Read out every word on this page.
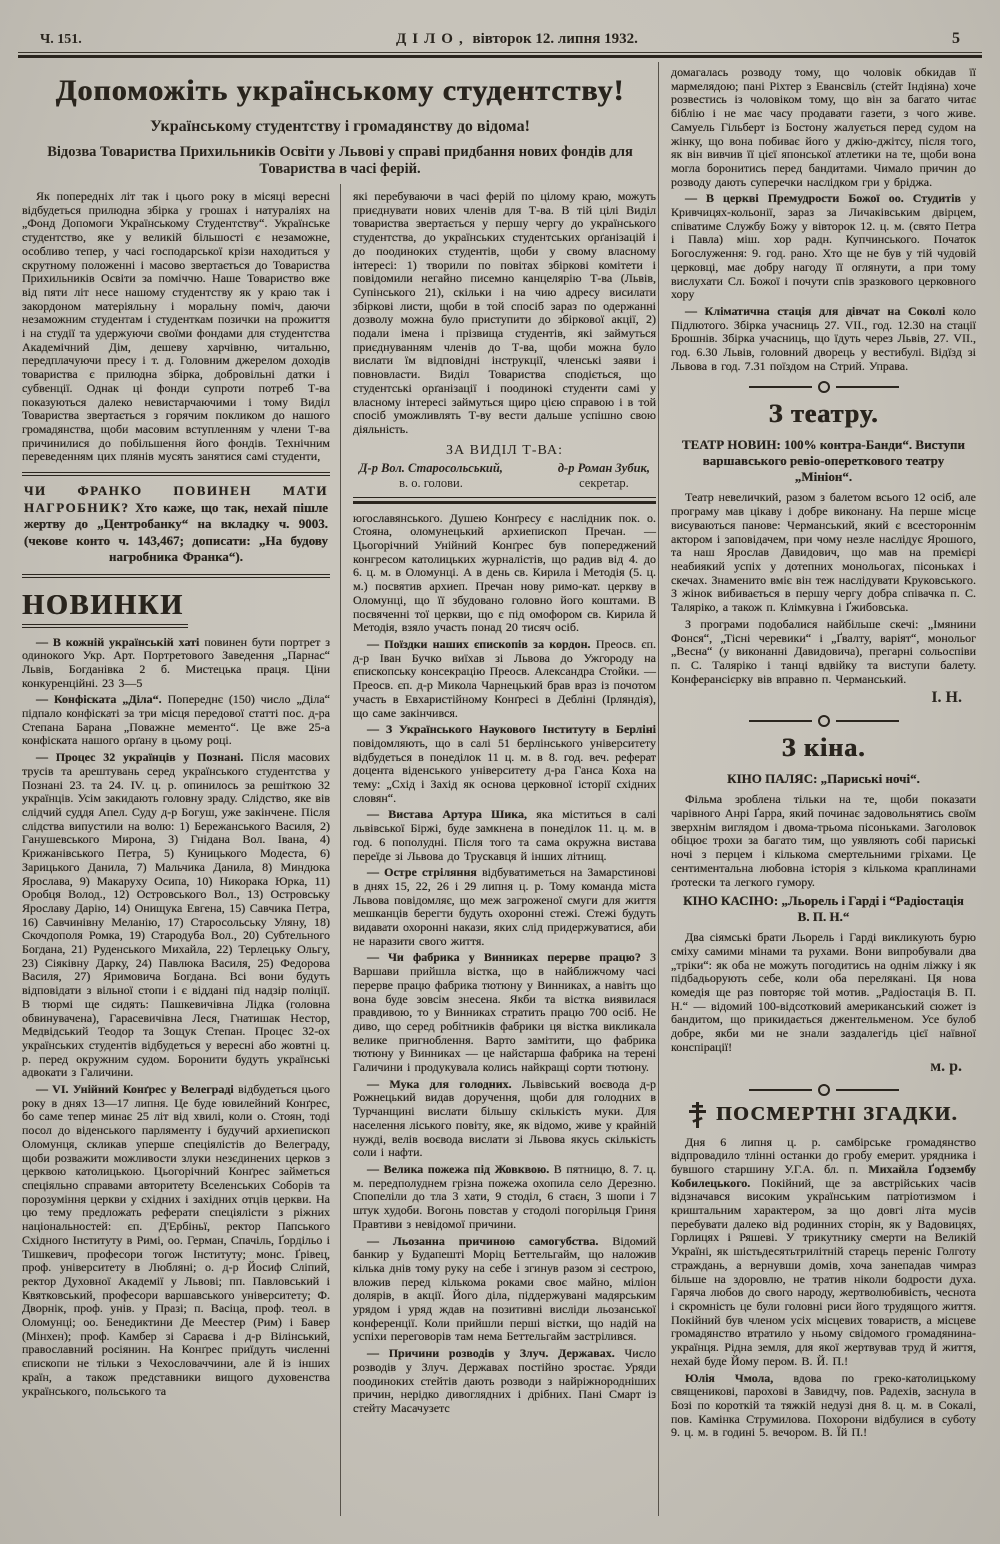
Ч. 151.	ДІЛО, вівторок 12. липня 1932.	5
Допоможіть українському студентству!
Українському студентству і громадянству до відома!
Відозва Товариства Прихильників Освіти у Львові у справі придбання нових фондів для Товариства в часі ферій.

Як попередніх літ так і цього року в місяці вересні відбудеться прилюдна збірка у грошах і натураліях на „Фонд Допомоги Українському Студентству“. Українське студентство, яке у великій більшості є незаможне, особливо тепер, у часі господарської крізи находиться у скрутному положенні і масово звертається до Товариства Прихильників Освіти за поміччю. Наше Товариство вже від пяти літ несе нашому студентству як у краю так і закордоном матеріяльну і моральну поміч, даючи незаможним студентам і студенткам позички на прожиття і на студії та удержуючи своїми фондами для студентства Академічний Дім, дешеву харчівню, читальню, передплачуючи пресу і т. д. Головним джерелом доходів товариства є прилюдна збірка, добровільні датки і субвенції. Однак ці фонди супроти потреб Т-ва показуються далеко невистарчаючими і тому Виділ Товариства звертається з горячим покликом до нашого громадянства, щоби масовим вступленням у члени Т-ва причинилися до побільшення його фондів. Технічним переведенням цих плянів мусять занятися самі студенти,

ЧИ ФРАНКО ПОВИНЕН МАТИ НАГРОБНИК? Хто каже, що так, нехай пішле жертву до „Центробанку“ на вкладку ч. 9003. (чекове конто ч. 143,467; дописати: „На будову нагробника Франка“).

НОВИНКИ

— В кожній українській хаті повинен бути портрет з одинокого Укр. Арт. Портретового Заведення „Парнас“ Львів, Богданівка 2 б. Мистецька праця. Ціни конкуренційні. 23 3—5

— Конфіската „Діла“. Попереднє (150) число „Діла“ підпало конфіскаті за три місця передової статті пос. д-ра Степана Барана „Поважне мементо“. Це вже 25-а конфіската нашого орґану в цьому році.

— Процес 32 українців у Познані. Після масових трусів та арештувань серед українського студентства у Познані 23. та 24. IV. ц. р. опинилось за решіткою 32 українців. Усім закидають головну зраду. Слідство, яке вів слідчий суддя Апел. Суду д-р Богуш, уже закінчене. Після слідства випустили на волю: 1) Бережанського Василя, 2) Ганушевського Мирона, 3) Гнідана Вол. Івана, 4) Крижанівського Петра, 5) Куницького Модеста, 6) Зарицького Данила, 7) Мальчика Данила, 8) Миндюка Ярослава, 9) Макаруху Осипа, 10) Никорака Юрка, 11) Оробця Волод., 12) Островського Вол., 13) Островську Ярославу Дарію, 14) Онищука Евгена, 15) Савчика Петра, 16) Савчинівну Меланію, 17) Старосольську Уляну, 18) Скочдополя Ромка, 19) Стародуба Вол., 20) Субтельного Богдана, 21) Руденського Михайла, 22) Терлецьку Ольгу, 23) Сіяківну Дарку, 24) Павлюка Василя, 25) Федорова Василя, 27) Яримовича Богдана. Всі вони будуть відповідати з вільної стопи і є віддані під надзір поліції. В тюрмі ще сидять: Пашкевичівна Лідка (головна обвинувачена), Гарасевичівна Леся, Гнатишак Нестор, Медвідський Теодор та Зощук Степан. Процес 32-ох українських студентів відбудеться у вересні або жовтні ц. р. перед окружним судом. Боронити будуть українські адвокати з Галичини.

— VI. Унійний Конґрес у Велеграді відбудеться цього року в днях 13—17 липня. Це буде ювилейний Конґрес, бо саме тепер минає 25 літ від хвилі, коли о. Стоян, тоді посол до віденського парляменту і будучий архиепископ Оломунця, скликав уперше спеціялістів до Велеграду, щоби розважити можливости злуки незєдинених церков з церквою католицькою. Цьогорічний Конґрес займеться спеціяльно справами авторитету Вселенських Соборів та порозуміння церкви у східних і західних отців церкви. На цю тему предложать реферати спеціялісти з ріжних національностей: єп. Д'Ербіньї, ректор Папського Східного Інституту в Римі, оо. Герман, Спачіль, Ґордільо і Тишкевич, професори тогож Інституту; монс. Ґрівец, проф. університету в Любляні; о. д-р Йосиф Сліпий, ректор Духовної Академії у Львові; пп. Павловський і Квятковський, професори варшавського університету; Ф. Дворнік, проф. унів. у Празі; п. Васіца, проф. теол. в Оломунці; оо. Бенедиктини Де Меестер (Рим) і Бавер (Мінхен); проф. Камбер зі Сараєва і д-р Вілінський, православний росіянин. На Конґрес приїдуть численні єпископи не тільки з Чехословаччини, але й із інших країн, а також представники вищого духовенства українського, польського та

які перебуваючи в часі ферій по цілому краю, можуть приєднувати нових членів для Т-ва. В тій цілі Виділ товариства звертається у першу чергу до українського студентства, до українських студентських орґанізацій і до поодиноких студентів, щоби у свому власному інтересі: 1) творили по повітах збіркові комітети і повідомили негайно писемно канцелярію Т-ва (Львів, Супінського 21), скільки і на чию адресу висилати збіркові листи, щоби в той спосіб зараз по одержанні дозволу можна було приступити до збіркової акції, 2) подали імена і прізвища студентів, які займуться приєднуванням членів до Т-ва, щоби можна було вислати їм відповідні інструкції, членські заяви і повновласти. Виділ Товариства сподіється, що студентські орґанізації і поодинокі студенти самі у власному інтересі займуться щиро цією справою і в той спосіб уможливлять Т-ву вести дальше успішно свою діяльність.

ЗА ВИДІЛ Т-ВА:
Д-р Вол. Старосольський,
в. о. голови.
д-р Роман Зубик,
секретар.

югославянського. Душею Конґресу є наслідник пок. о. Стояна, оломунецький архиепископ Пречан. — Цьогорічний Унійний Конґрес був попереджений конгресом католицьких журналістів, що радив від 4. до 6. ц. м. в Оломунці. А в день св. Кирила і Методія (5. ц. м.) посвятив архиеп. Пречан нову римо-кат. церкву в Оломунці, що її збудовано головно його коштами. В посвяченні тої церкви, що є під омофором св. Кирила й Методія, взяло участь понад 20 тисяч осіб.

— Поїздки наших єпископів за кордон. Преосв. єп. д-р Іван Бучко виїхав зі Львова до Ужгороду на єпископську консекрацію Преосв. Александра Стойки. — Преосв. єп. д-р Микола Чарнецький брав враз із почотом участь в Евхаристійному Конґресі в Дебліні (Ірляндія), що саме закінчився.

— З Українського Наукового Інституту в Берліні повідомляють, що в салі 51 берлінського університету відбудеться в понеділок 11 ц. м. в 8. год. веч. реферат доцента віденського університету д-ра Ганса Коха на тему: „Схід і Захід як основа церковної історії східних словян“.

— Вистава Артура Шика, яка міститься в салі львівської Біржі, буде замкнена в понеділок 11. ц. м. в год. 6 пополудні. Після того та сама окружна вистава переїде зі Львова до Трускавця й інших літнищ.

— Остре стріляння відбуватиметься на Замарстинові в днях 15, 22, 26 і 29 липня ц. р. Тому команда міста Львова повідомляє, що меж загроженої смуги для життя мешканців берегти будуть охоронні стежі. Стежі будуть видавати охоронні накази, яких слід придержуватися, аби не наразити свого життя.

— Чи фабрика у Винниках перерве працю? З Варшави прийшла вістка, що в найближчому часі перерве працю фабрика тютюну у Винниках, а навіть що вона буде зовсім знесена. Якби та вістка виявилася правдивою, то у Винниках стратить працю 700 осіб. Не диво, що серед робітників фабрики ця вістка викликала велике пригноблення. Варто замітити, що фабрика тютюну у Винниках — це найстарша фабрика на терені Галичини і продукувала колись найкращі сорти тютюну.

— Мука для голодних. Львівський воєвода д-р Рожнецький видав доручення, щоби для голодних в Турчанщині вислати більшу скількість муки. Для населення ліського повіту, яке, як відомо, живе у крайній нужді, велів воєвода вислати зі Львова якусь скількість соли і нафти.

— Велика пожежа під Жовквою. В пятницю, 8. 7. ц. м. передполуднем грізна пожежа охопила село Дерезню. Спопеліли до тла 3 хати, 9 стоділ, 6 стаєн, 3 шопи і 7 штук худоби. Вогонь повстав у стодолі погорільця Гриня Правтиви з невідомої причини.

— Льозанна причиною самогубства. Відомий банкир у Будапешті Моріц Беттельгайм, що наложив кілька днів тому руку на себе і згинув разом зі сестрою, вложив перед кількома роками своє майно, міліон долярів, в акції. Його діла, піддержувані мадярським урядом і уряд ждав на позитивні висліди льозанської конференції. Коли прийшли перші вістки, що надій на успіхи переговорів там нема Беттельгайм застрілився.

— Причини розводів у Злуч. Державах. Число розводів у Злуч. Державах постійно зростає. Уряди поодиноких стейтів дають розводи з найріжнородніших причин, нерідко дивоглядних і дрібних. Пані Смарт із стейту Масачузетс

домагалась розводу тому, що чоловік обкидав її мармелядою; пані Ріхтер з Евансвіль (стейт Індіяна) хоче розвестись із чоловіком тому, що він за багато читає біблію і не має часу продавати газети, з чого живе. Самуель Гільберт із Бостону жалується перед судом на жінку, що вона побиває його у джію-джітсу, після того, як він вивчив її цієї японської атлетики на те, щоби вона могла боронитись перед бандитами. Чимало причин до розводу дають суперечки наслідком гри у бріджа.

— В церкві Премудрости Божої оо. Студитів у Кривчицях-кольонії, зараз за Личаківським двірцем, співатиме Службу Божу у вівторок 12. ц. м. (свято Петра і Павла) міш. хор радн. Купчинського. Початок Богослуження: 9. год. рано. Хто ще не був у тій чудовій церковці, має добру нагоду її оглянути, а при тому вислухати Сл. Божої і почути спів зразкового церковного хору

— Кліматична стація для дівчат на Соколі коло Підлютого. Збірка учасниць 27. VII., год. 12.30 на стації Брошнів. Збірка учасниць, що їдуть через Львів, 27. VII., год. 6.30 Львів, головний дворець у вестибулі. Відїзд зі Львова в год. 7.31 поїздом на Стрий. Управа.

З театру.
ТЕАТР НОВИН: 100% контра-Банди“. Виступи варшавського ревіо-опереткового театру „Мініон“.

Театр невеличкий, разом з балетом всього 12 осіб, але програму мав цікаву і добре виконану. На перше місце висуваються панове: Черманський, який є всестороннім актором і заповідачем, при чому незле наслідує Ярошого, та наш Ярослав Давидович, що мав на премієрі неабиякий успіх у дотепних монольогах, пісоньках і скечах. Знаменито вміє він теж наслідувати Круковського. З жінок вибивається в першу чергу добра співачка п. С. Таляріко, а також п. Клімкувна і Ґжибовська.

З програми подобалися найбільше скечі: „Імянини Фонся“, „Тісні черевики“ і „Ґвалту, варіят“, монольог „Весна“ (у виконанні Давидовича), прегарні сольоспіви п. С. Таляріко і танці вдвійку та виступи балету. Конферансієрку вів вправно п. Черманський.

І. Н.
З кіна.
КІНО ПАЛЯС: „Париські ночі“.

Фільма зроблена тільки на те, щоби показати чарівного Анрі Ґарра, який починає задовольнятись своїм зверхнім виглядом і двома-трьома пісоньками. Заголовок обіцює трохи за багато тим, що уявляють собі париські ночі з перцем і кількома смертельними гріхами. Це сентиментальна любовна історія з кількома краплинами ґротески та легкого гумору.

КІНО КАСІНО: „Льорель і Гарді і “Радіостація В. П. Н.“

Два сіямські брати Льорель і Гарді викликують бурю сміху самими мінами та рухами. Вони випробували два „тріки“: як оба не можуть погодитись на однім ліжку і як підбадьорують себе, коли оба перелякані. Ця нова комедія ще раз повторяє той мотив. „Радіостація В. П. Н.“ — відомий 100-відсотковий американський сюжет із бандитом, що прикидається джентельменом. Усе булоб добре, якби ми не знали заздалегідь цієї наївної конспірації!

м. р.
ПОСМЕРТНІ ЗГАДКИ.

Дня 6 липня ц. р. самбірське громадянство відпровадило тлінні останки до гробу емерит. урядника і бувшого старшину У.Г.А. бл. п. Михайла Ґодзембу Кобилецького. Покійний, ще за австрійських часів відзначався високим українським патріотизмом і криштальним характером, за що довгі літа мусів перебувати далеко від родинних сторін, як у Вадовицях, Горлицях і Ряшеві. У трикутнику смерти на Великій Україні, як шістьдесятьтрилітній старець переніс Голготу страждань, а вернувши домів, хоча занепадав чимраз більше на здоровлю, не тратив ніколи бодрости духа. Гаряча любов до свого народу, жертволюбивість, чеснота і скромність це були головні риси його трудящого життя. Покійний був членом усіх місцевих товариств, а місцеве громадянство втратило у ньому свідомого громадянина-українця. Рідна земля, для якої жертвував труд й життя, нехай буде Йому пером. В. Й. П.!

Юлія Чмола, вдова по греко-католицькому священикові, парохові в Завидчу, пов. Радехів, заснула в Бозі по короткій та тяжкій недузі дня 8. ц. м. в Сокалі, пов. Камінка Струмилова. Похорони відбулися в суботу 9. ц. м. в годині 5. вечором. В. Їй П.!
